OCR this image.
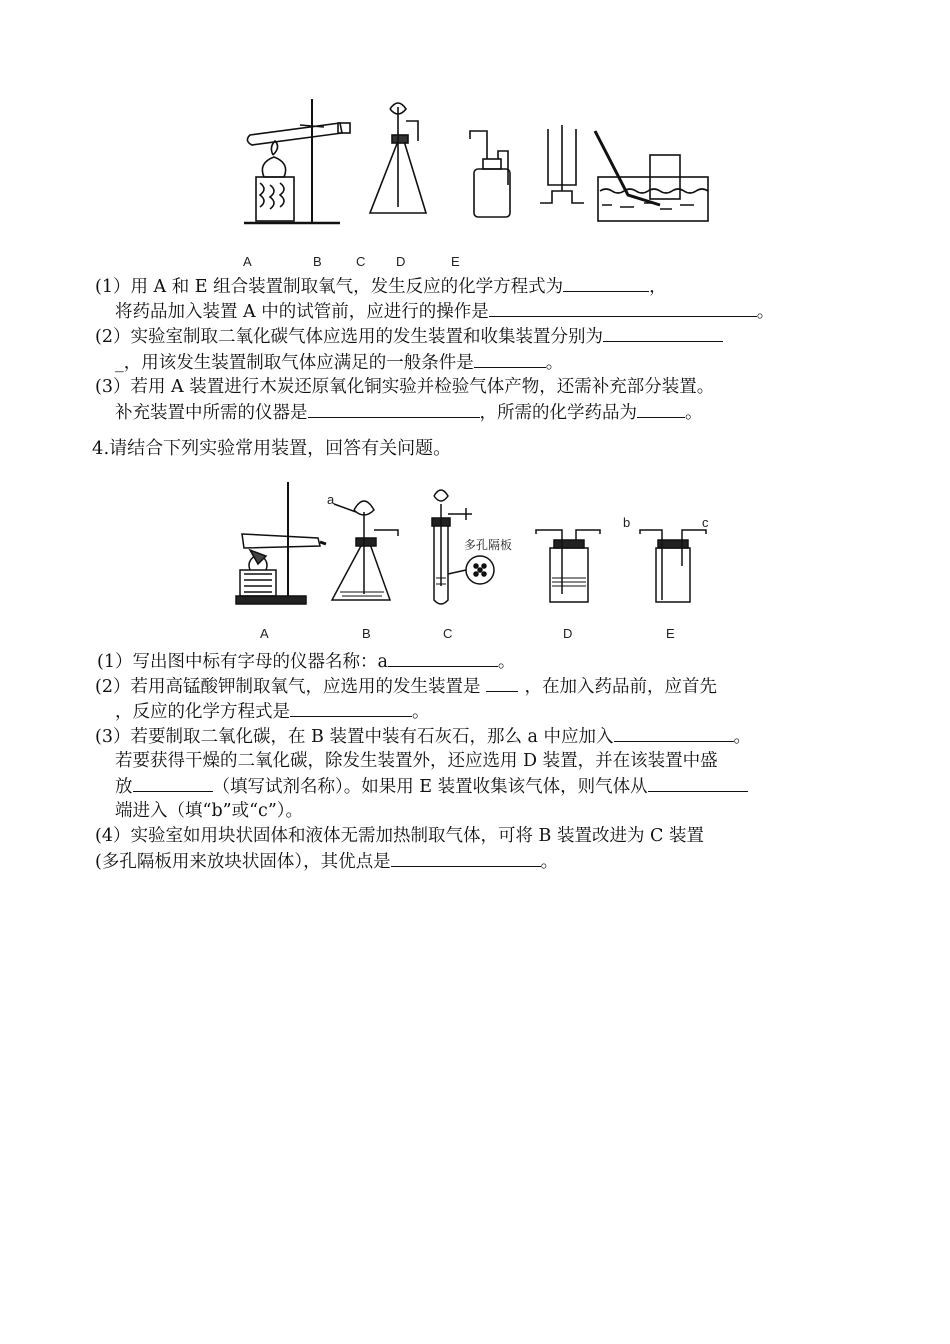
A	B	C D	E
(1）用 A 和 E 组合装置制取氧气，发生反应的化学方程式为	，
将药品加入装置 A 中的试管前，应进行的操作是	。
(2）实验室制取二氧化碳气体应选用的发生装置和收集装置分别为
_，用该发生装置制取气体应满足的一般条件是	。
(3）若用 A 装置进行木炭还原氧化铜实验并检验气体产物，还需补充部分装置。
补充装置中所需的仪器是	，所需的化学药品为	。
4.请结合下列实验常用装置，回答有关问题。
a
b	c
多孔隔板
A	B	C	D	E
(1）写出图中标有字母的仪器名称：a	。
(2）若用高锰酸钾制取氧气，应选用的发生装置是	，在加入药品前，应首先
，反应的化学方程式是	。
(3）若要制取二氧化碳，在 B 装置中装有石灰石，那么 a 中应加入	。
若要获得干燥的二氧化碳，除发生装置外，还应选用 D 装置，并在该装置中盛
放	（填写试剂名称）。如果用 E 装置收集该气体，则气体从
端进入（填“b”或“c”）。
(4）实验室如用块状固体和液体无需加热制取气体，可将 B 装置改进为 C 装置
(多孔隔板用来放块状固体），其优点是	。
